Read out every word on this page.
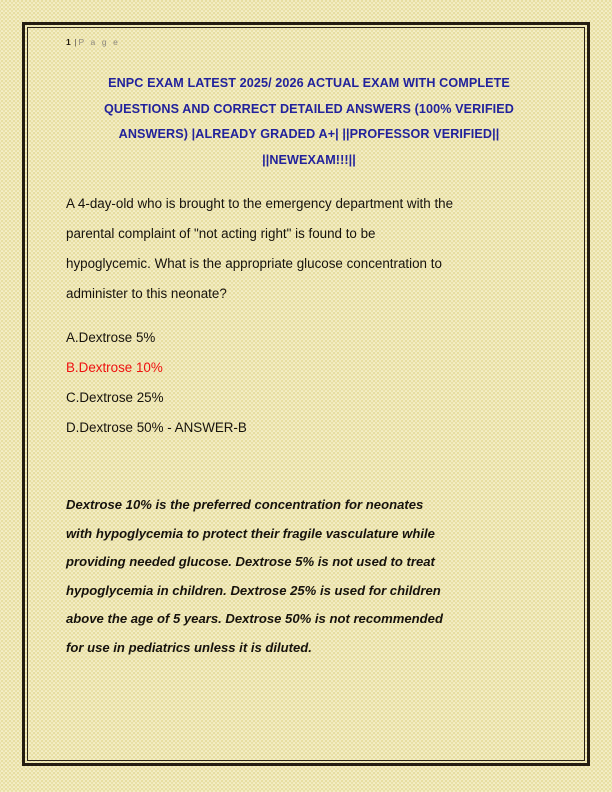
1 | P a g e
ENPC EXAM LATEST 2025/ 2026 ACTUAL EXAM WITH COMPLETE
QUESTIONS AND CORRECT DETAILED ANSWERS (100% VERIFIED
ANSWERS) |ALREADY GRADED A+| ||PROFESSOR VERIFIED||
||NEWEXAM!!!||

A 4-day-old who is brought to the emergency department with the
parental complaint of "not acting right" is found to be
hypoglycemic. What is the appropriate glucose concentration to
administer to this neonate?

A.Dextrose 5%
B.Dextrose 10%
C.Dextrose 25%
D.Dextrose 50% - ANSWER-B

Dextrose 10% is the preferred concentration for neonates
with hypoglycemia to protect their fragile vasculature while
providing needed glucose. Dextrose 5% is not used to treat
hypoglycemia in children. Dextrose 25% is used for children
above the age of 5 years. Dextrose 50% is not recommended
for use in pediatrics unless it is diluted.
